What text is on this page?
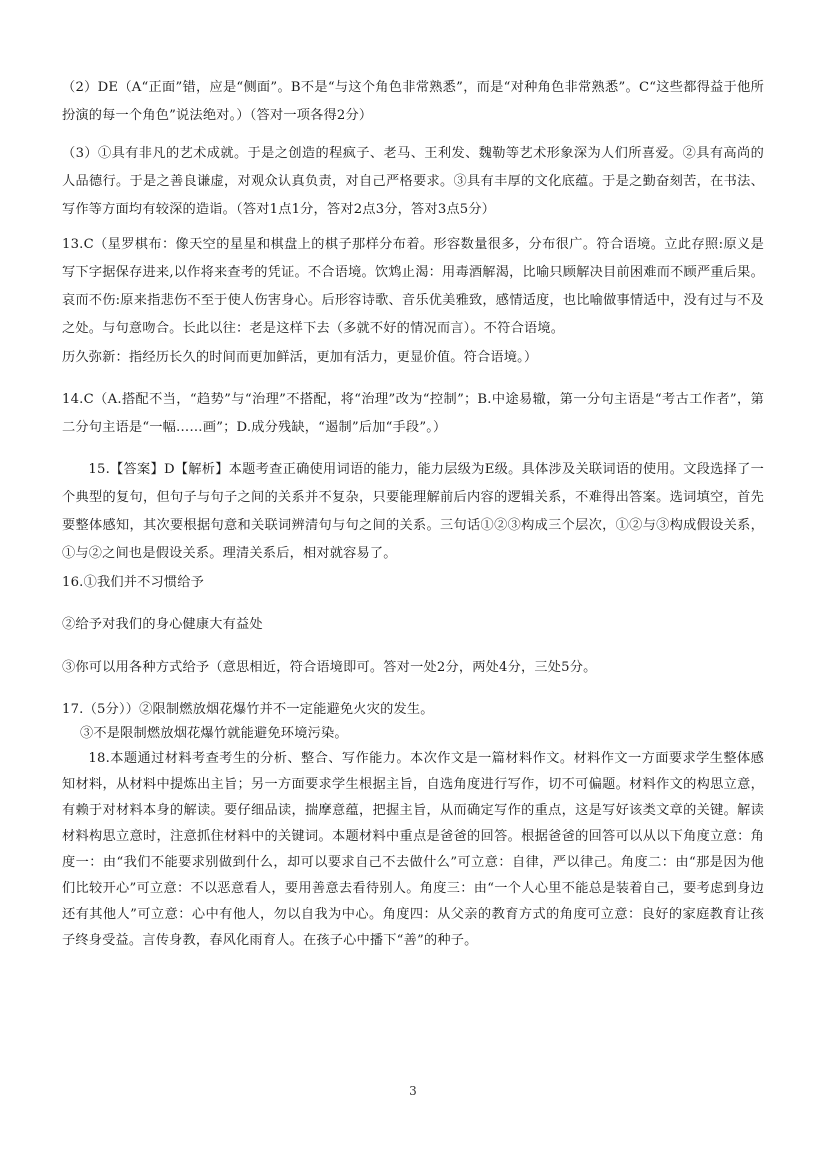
（2）DE（A“正面”错，应是“侧面”。B不是“与这个角色非常熟悉”，而是“对种角色非常熟悉”。C“这些都得益于他所扮演的每一个角色”说法绝对。）（答对一项各得2分）

（3）①具有非凡的艺术成就。于是之创造的程疯子、老马、王利发、魏勒等艺术形象深为人们所喜爱。②具有高尚的人品德行。于是之善良谦虚，对观众认真负责，对自己严格要求。③具有丰厚的文化底蕴。于是之勤奋刻苦，在书法、写作等方面均有较深的造诣。（答对1点1分，答对2点3分，答对3点5分）

13.C（星罗棋布：像天空的星星和棋盘上的棋子那样分布着。形容数量很多，分布很广。符合语境。立此存照:原义是写下字据保存进来,以作将来查考的凭证。不合语境。饮鸩止渴：用毒酒解渴，比喻只顾解决目前困难而不顾严重后果。哀而不伤:原来指悲伤不至于使人伤害身心。后形容诗歌、音乐优美雅致，感情适度，也比喻做事情适中，没有过与不及之处。与句意吻合。长此以往：老是这样下去（多就不好的情况而言）。不符合语境。

历久弥新：指经历长久的时间而更加鲜活，更加有活力，更显价值。符合语境。）

14.C（A.搭配不当，“趋势”与“治理”不搭配，将“治理”改为“控制”；B.中途易辙，第一分句主语是“考古工作者”，第二分句主语是“一幅……画”；D.成分残缺，“遏制”后加“手段”。）

15.【答案】D【解析】本题考查正确使用词语的能力，能力层级为E级。具体涉及关联词语的使用。文段选择了一个典型的复句，但句子与句子之间的关系并不复杂，只要能理解前后内容的逻辑关系，不难得出答案。选词填空，首先要整体感知，其次要根据句意和关联词辨清句与句之间的关系。三句话①②③构成三个层次，①②与③构成假设关系，①与②之间也是假设关系。理清关系后，相对就容易了。

16.①我们并不习惯给予

②给予对我们的身心健康大有益处

③你可以用各种方式给予（意思相近，符合语境即可。答对一处2分，两处4分，三处5分。

17.（5分））②限制燃放烟花爆竹并不一定能避免火灾的发生。

③不是限制燃放烟花爆竹就能避免环境污染。

18.本题通过材料考查考生的分析、整合、写作能力。本次作文是一篇材料作文。材料作文一方面要求学生整体感知材料，从材料中提炼出主旨；另一方面要求学生根据主旨，自选角度进行写作，切不可偏题。材料作文的构思立意，有赖于对材料本身的解读。要仔细品读，揣摩意蕴，把握主旨，从而确定写作的重点，这是写好该类文章的关键。解读材料构思立意时，注意抓住材料中的关键词。本题材料中重点是爸爸的回答。根据爸爸的回答可以从以下角度立意：角度一：由“我们不能要求别做到什么，却可以要求自己不去做什么”可立意：自律，严以律己。角度二：由“那是因为他们比较开心”可立意：不以恶意看人，要用善意去看待别人。角度三：由“一个人心里不能总是装着自己，要考虑到身边还有其他人”可立意：心中有他人，勿以自我为中心。角度四：从父亲的教育方式的角度可立意：良好的家庭教育让孩子终身受益。言传身教，春风化雨育人。在孩子心中播下“善”的种子。

3
